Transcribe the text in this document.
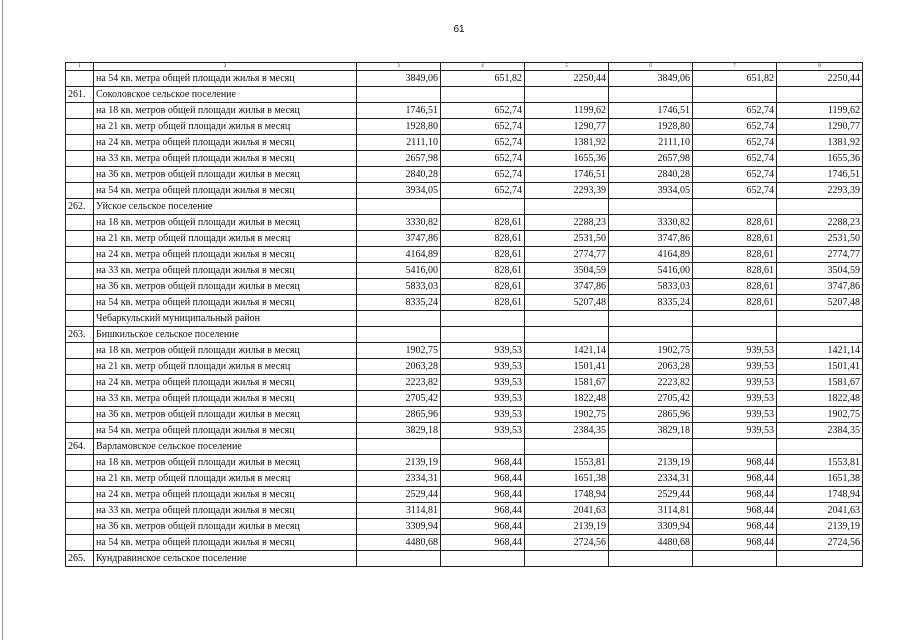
61
1	2	3	4	5	6	7	8
	на 54 кв. метра общей площади жилья в месяц	3849,06	651,82	2250,44	3849,06	651,82	2250,44
261.	Соколовское сельское поселение						
	на 18 кв. метров общей площади жилья в месяц	1746,51	652,74	1199,62	1746,51	652,74	1199,62
	на 21 кв. метр общей площади жилья в месяц	1928,80	652,74	1290,77	1928,80	652,74	1290,77
	на 24 кв. метра общей площади жилья в месяц	2111,10	652,74	1381,92	2111,10	652,74	1381,92
	на 33 кв. метра общей площади жилья в месяц	2657,98	652,74	1655,36	2657,98	652,74	1655,36
	на 36 кв. метров общей площади жилья в месяц	2840,28	652,74	1746,51	2840,28	652,74	1746,51
	на 54 кв. метра общей площади жилья в месяц	3934,05	652,74	2293,39	3934,05	652,74	2293,39
262.	Уйское сельское поселение						
	на 18 кв. метров общей площади жилья в месяц	3330,82	828,61	2288,23	3330,82	828,61	2288,23
	на 21 кв. метр общей площади жилья в месяц	3747,86	828,61	2531,50	3747,86	828,61	2531,50
	на 24 кв. метра общей площади жилья в месяц	4164,89	828,61	2774,77	4164,89	828,61	2774,77
	на 33 кв. метра общей площади жилья в месяц	5416,00	828,61	3504,59	5416,00	828,61	3504,59
	на 36 кв. метров общей площади жилья в месяц	5833,03	828,61	3747,86	5833,03	828,61	3747,86
	на 54 кв. метра общей площади жилья в месяц	8335,24	828,61	5207,48	8335,24	828,61	5207,48
	Чебаркульский муниципальный район						
263.	Бишкильское сельское поселение						
	на 18 кв. метров общей площади жилья в месяц	1902,75	939,53	1421,14	1902,75	939,53	1421,14
	на 21 кв. метр общей площади жилья в месяц	2063,28	939,53	1501,41	2063,28	939,53	1501,41
	на 24 кв. метра общей площади жилья в месяц	2223,82	939,53	1581,67	2223,82	939,53	1581,67
	на 33 кв. метра общей площади жилья в месяц	2705,42	939,53	1822,48	2705,42	939,53	1822,48
	на 36 кв. метров общей площади жилья в месяц	2865,96	939,53	1902,75	2865,96	939,53	1902,75
	на 54 кв. метра общей площади жилья в месяц	3829,18	939,53	2384,35	3829,18	939,53	2384,35
264.	Варламовское сельское поселение						
	на 18 кв. метров общей площади жилья в месяц	2139,19	968,44	1553,81	2139,19	968,44	1553,81
	на 21 кв. метр общей площади жилья в месяц	2334,31	968,44	1651,38	2334,31	968,44	1651,38
	на 24 кв. метра общей площади жилья в месяц	2529,44	968,44	1748,94	2529,44	968,44	1748,94
	на 33 кв. метра общей площади жилья в месяц	3114,81	968,44	2041,63	3114,81	968,44	2041,63
	на 36 кв. метров общей площади жилья в месяц	3309,94	968,44	2139,19	3309,94	968,44	2139,19
	на 54 кв. метра общей площади жилья в месяц	4480,68	968,44	2724,56	4480,68	968,44	2724,56
265.	Кундравинское сельское поселение						
